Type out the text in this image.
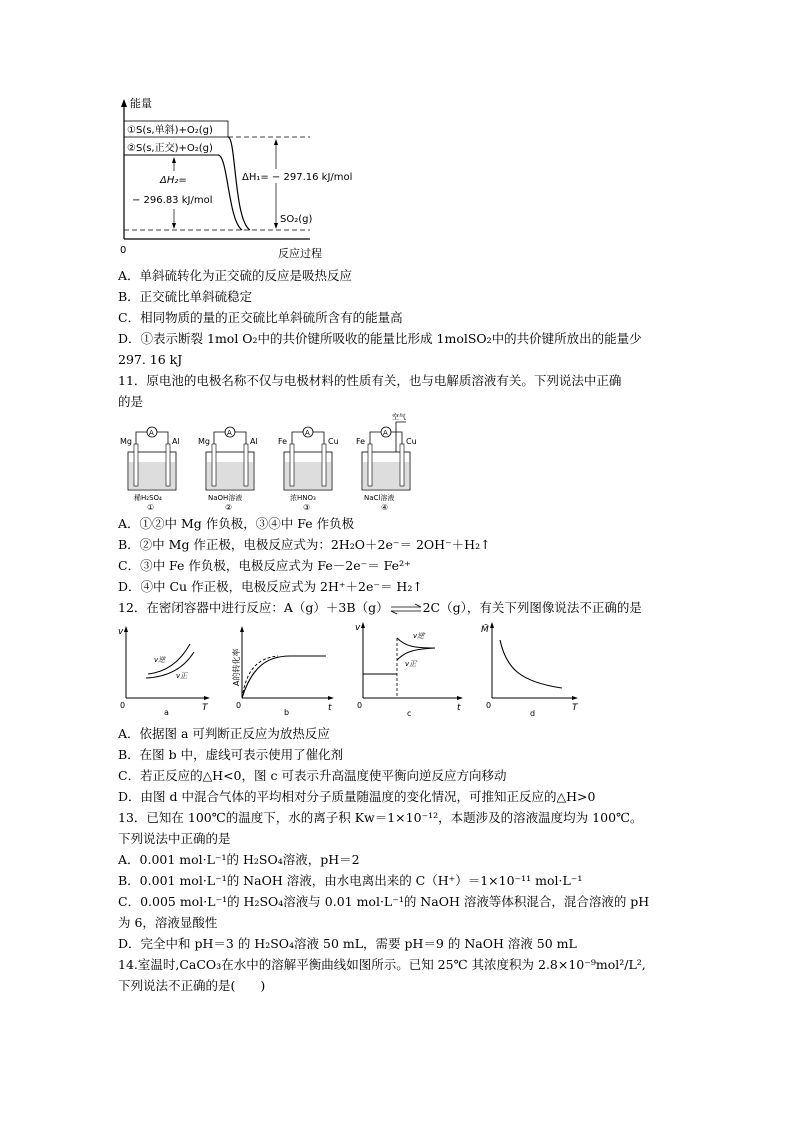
能量
0	反应过程
①S(s,单斜)+O₂(g)
②S(s,正交)+O₂(g)
ΔH₂=
− 296.83 kJ/mol
ΔH₁= − 297.16 kJ/mol
SO₂(g)
A．单斜硫转化为正交硫的反应是吸热反应
B．正交硫比单斜硫稳定
C．相同物质的量的正交硫比单斜硫所含有的能量高
D．①表示断裂 1mol O₂中的共价键所吸收的能量比形成 1molSO₂中的共价键所放出的能量少
297. 16 kJ
11．原电池的电极名称不仅与电极材料的性质有关，也与电解质溶液有关。下列说法中正确
的是
A
Mg	Al
稀H₂SO₄
①
A
Mg	Al
NaOH溶液
②
A
Fe	Cu
浓HNO₃
③
A
空气
Fe	Cu
NaCl溶液
④
A．①②中 Mg 作负极，③④中 Fe 作负极
B．②中 Mg 作正极，电极反应式为：2H₂O＋2e⁻＝ 2OH⁻＋H₂↑
C．③中 Fe 作负极，电极反应式为 Fe－2e⁻＝ Fe²⁺
D．④中 Cu 作正极，电极反应式为 2H⁺＋2e⁻＝ H₂↑
12．在密闭容器中进行反应：A（g）＋3B（g）⇌2C（g），有关下列图像说法不正确的是
v
T
0
v逆
v正
a
A的转化率
t
0
b
v
t
0
v逆′
v正′
c
M̄
T
0
d
A．依据图 a 可判断正反应为放热反应
B．在图 b 中，虚线可表示使用了催化剂
C．若正反应的△H<0，图 c 可表示升高温度使平衡向逆反应方向移动
D．由图 d 中混合气体的平均相对分子质量随温度的变化情况，可推知正反应的△H>0
13．已知在 100℃的温度下，水的离子积 Kw＝1×10⁻¹²，本题涉及的溶液温度均为 100℃。
下列说法中正确的是
A．0.001 mol·L⁻¹的 H₂SO₄溶液，pH＝2
B．0.001 mol·L⁻¹的 NaOH 溶液，由水电离出来的 C（H⁺）＝1×10⁻¹¹ mol·L⁻¹
C．0.005 mol·L⁻¹的 H₂SO₄溶液与 0.01 mol·L⁻¹的 NaOH 溶液等体积混合，混合溶液的 pH
为 6，溶液显酸性
D．完全中和 pH＝3 的 H₂SO₄溶液 50 mL，需要 pH＝9 的 NaOH 溶液 50 mL
14.室温时,CaCO₃在水中的溶解平衡曲线如图所示。已知 25℃ 其浓度积为 2.8×10⁻⁹mol²/L²,
下列说法不正确的是(　　)
